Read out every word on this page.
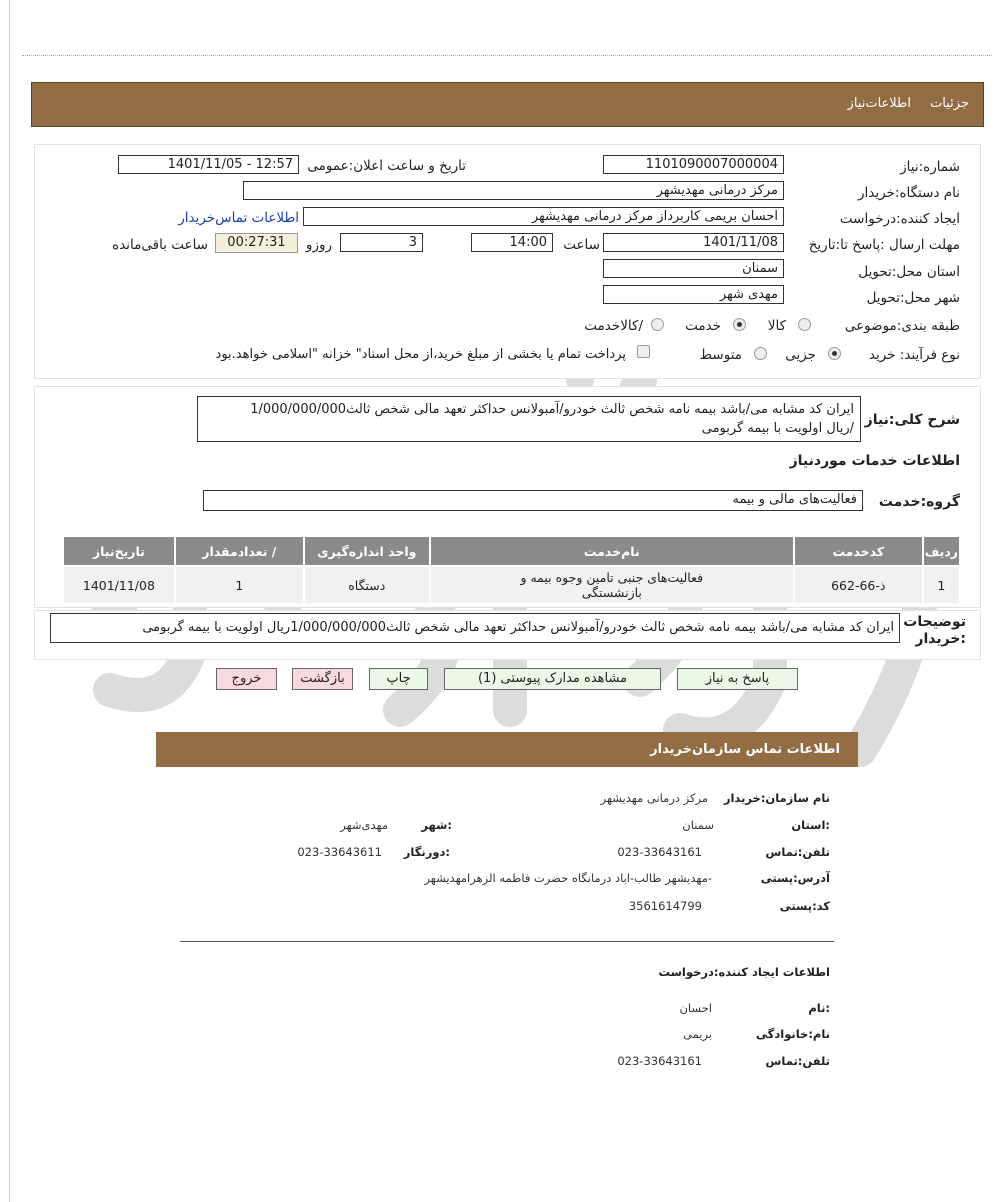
جزئیات
اطلاعات‌نیاز
شماره:نیاز
1101090007000004
تاریخ و ساعت اعلان:عمومی
1401/11/05 - 12:57
نام دستگاه:خریدار
مرکز درمانی مهدیشهر
ایجاد کننده:درخواست
احسان بریمی کاربرداز مرکز درمانی مهدیشهر
اطلاعات تماس‌خریدار
مهلت ارسال :پاسخ تا:تاریخ
1401/11/08
ساعت
14:00
3
روزو
00:27:31
ساعت باقی‌مانده
استان محل:تحویل
سمنان
شهر محل:تحویل
مهدی شهر
طبقه بندی:موضوعی
کالا
خدمت
/کالاخدمت
نوع فرآیند: خرید
جزیی
متوسط
پرداخت تمام یا بخشی از مبلغ خرید،از محل اسناد" خزانه "اسلامی خواهد.بود
شرح کلی:نیاز
ایران کد مشابه می/باشد بیمه نامه شخص ثالث خودرو/آمبولانس حداکثر تعهد مالی شخص ثالث1/000/000/000
/ریال اولویت با بیمه گربومی
اطلاعات خدمات موردنیاز
گروه:خدمت
فعالیت‌های مالی و بیمه
ردیف	کدخدمت	نام‌خدمت	واحد اندازه‌گیری	/ تعدادمقدار	تاریخ‌نیاز
1	ذ-66-662	فعالیت‌های جنبی تامین وجوه بیمه و بازنشستگی	دستگاه	1	1401/11/08
توضیحات :خریدار
ایران کد مشابه می/باشد بیمه نامه شخص ثالث خودرو/آمبولانس حداکثر تعهد مالی شخص ثالث1/000/000/000ریال اولویت با بیمه گربومی
پاسخ به نیاز
مشاهده مدارک پیوستی (1)
چاپ
بازگشت
خروج
اطلاعات تماس سازمان‌خریدار
نام سازمان:خریدار
مرکز درمانی مهدیشهر
:استان
سمنان
:شهر
مهدی‌شهر
تلفن:تماس
023-33643161
:دورنگار
023-33643611
آدرس:پستی
-مهدیشهر طالب-اباد درمانگاه حضرت فاطمه الزهرامهدیشهر
کد:پستی
3561614799
اطلاعات ایجاد کننده:درخواست
:نام
احسان
نام:خانوادگی
بریمی
تلفن:تماس
023-33643161
